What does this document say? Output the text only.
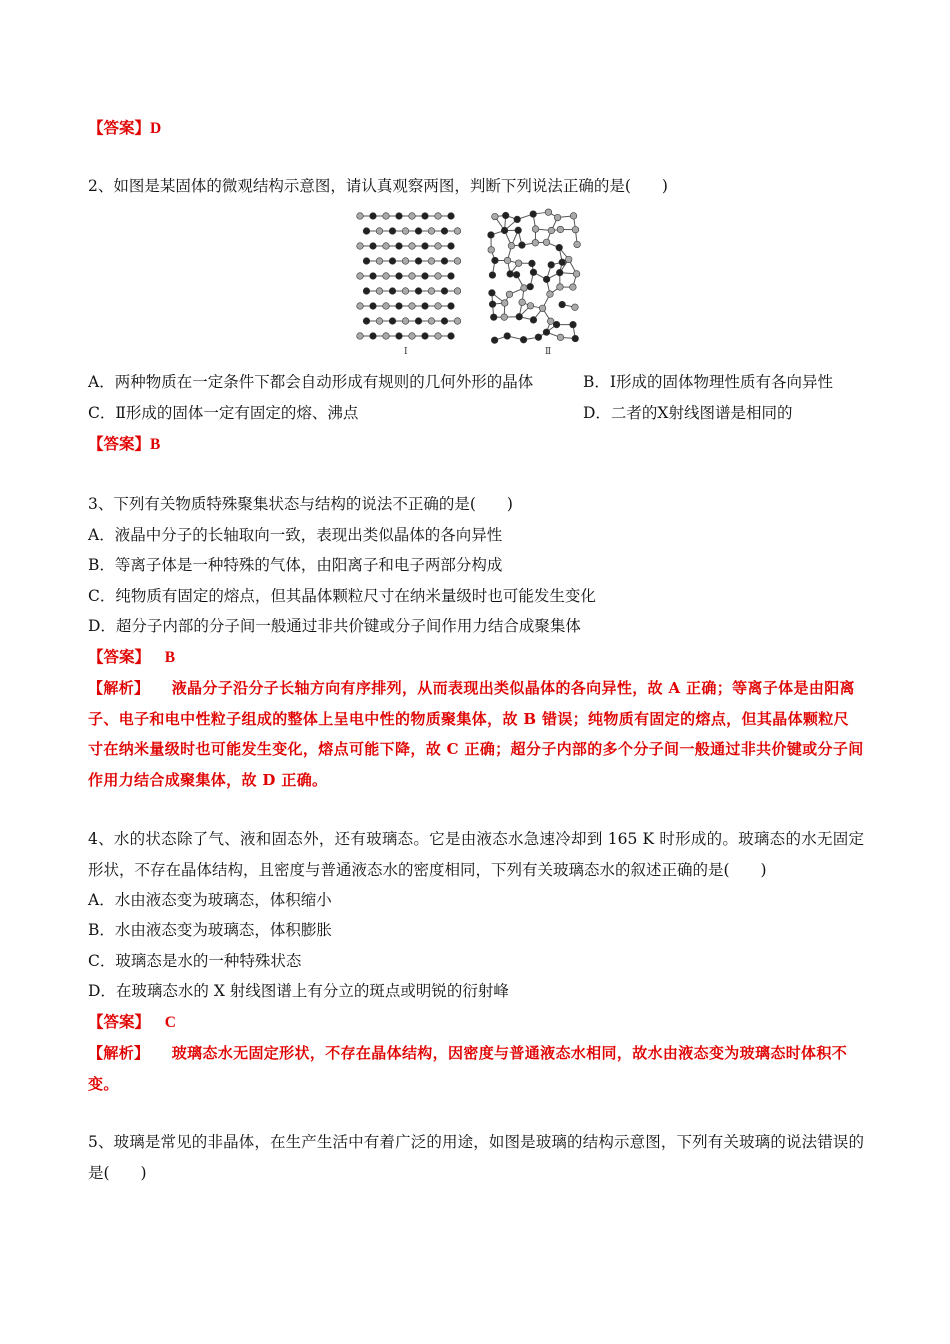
【答案】D
2、如图是某固体的微观结构示意图，请认真观察两图，判断下列说法正确的是(　　)
Ⅰ	Ⅱ
A．两种物质在一定条件下都会自动形成有规则的几何外形的晶体	B．Ⅰ形成的固体物理性质有各向异性
C．Ⅱ形成的固体一定有固定的熔、沸点	D．二者的X射线图谱是相同的
【答案】B
3、下列有关物质特殊聚集状态与结构的说法不正确的是(　　)
A．液晶中分子的长轴取向一致，表现出类似晶体的各向异性
B．等离子体是一种特殊的气体，由阳离子和电子两部分构成
C．纯物质有固定的熔点，但其晶体颗粒尺寸在纳米量级时也可能发生变化
D．超分子内部的分子间一般通过非共价键或分子间作用力结合成聚集体
【答案】 B
【解析】 液晶分子沿分子长轴方向有序排列，从而表现出类似晶体的各向异性，故 A 正确；等离子体是由阳离子、电子和电中性粒子组成的整体上呈电中性的物质聚集体，故 B 错误；纯物质有固定的熔点，但其晶体颗粒尺寸在纳米量级时也可能发生变化，熔点可能下降，故 C 正确；超分子内部的多个分子间一般通过非共价键或分子间作用力结合成聚集体，故 D 正确。
4、水的状态除了气、液和固态外，还有玻璃态。它是由液态水急速冷却到 165 K 时形成的。玻璃态的水无固定形状，不存在晶体结构，且密度与普通液态水的密度相同，下列有关玻璃态水的叙述正确的是(　　)
A．水由液态变为玻璃态，体积缩小
B．水由液态变为玻璃态，体积膨胀
C．玻璃态是水的一种特殊状态
D．在玻璃态水的 X 射线图谱上有分立的斑点或明锐的衍射峰
【答案】 C
【解析】 玻璃态水无固定形状，不存在晶体结构，因密度与普通液态水相同，故水由液态变为玻璃态时体积不变。
5、玻璃是常见的非晶体，在生产生活中有着广泛的用途，如图是玻璃的结构示意图，下列有关玻璃的说法错误的是(　　)
